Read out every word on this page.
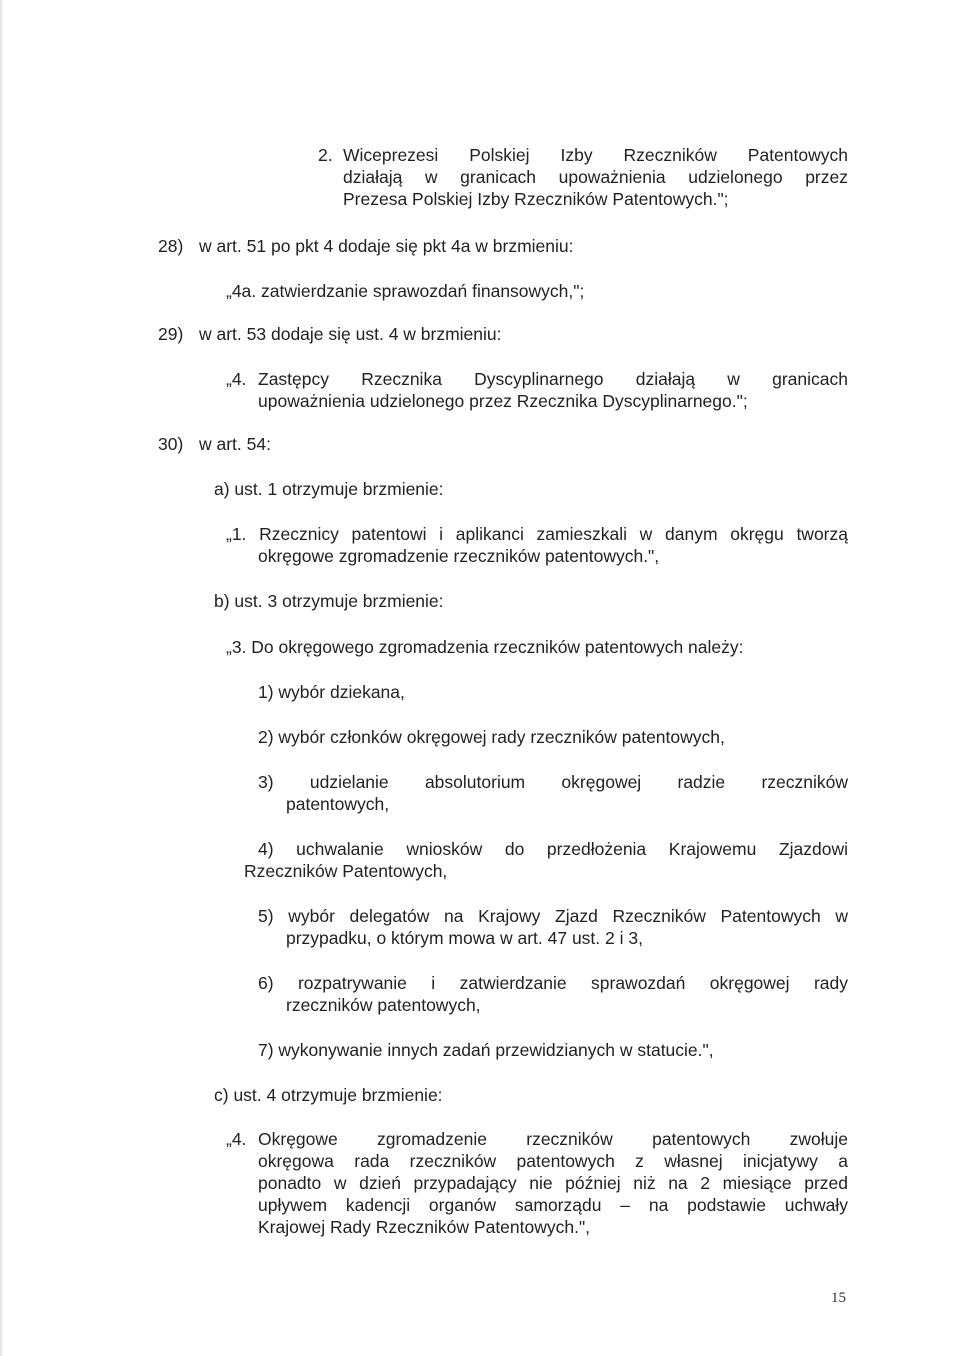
2. Wiceprezesi Polskiej Izby Rzeczników Patentowych
działają w granicach upoważnienia udzielonego przez
Prezesa Polskiej Izby Rzeczników Patentowych.";
28) w art. 51 po pkt 4 dodaje się pkt 4a w brzmieniu:
„4a. zatwierdzanie sprawozdań finansowych,";
29) w art. 53 dodaje się ust. 4 w brzmieniu:
„4. Zastępcy Rzecznika Dyscyplinarnego działają w granicach
upoważnienia udzielonego przez Rzecznika Dyscyplinarnego.";
30) w art. 54:
a) ust. 1 otrzymuje brzmienie:
„1. Rzecznicy patentowi i aplikanci zamieszkali w danym okręgu tworzą
okręgowe zgromadzenie rzeczników patentowych.",
b) ust. 3 otrzymuje brzmienie:
„3. Do okręgowego zgromadzenia rzeczników patentowych należy:
1) wybór dziekana,
2) wybór członków okręgowej rady rzeczników patentowych,
3) udzielanie absolutorium okręgowej radzie rzeczników
patentowych,
4) uchwalanie wniosków do przedłożenia Krajowemu Zjazdowi
Rzeczników Patentowych,
5) wybór delegatów na Krajowy Zjazd Rzeczników Patentowych w
przypadku, o którym mowa w art. 47 ust. 2 i 3,
6) rozpatrywanie i zatwierdzanie sprawozdań okręgowej rady
rzeczników patentowych,
7) wykonywanie innych zadań przewidzianych w statucie.",
c) ust. 4 otrzymuje brzmienie:
„4. Okręgowe zgromadzenie rzeczników patentowych zwołuje
okręgowa rada rzeczników patentowych z własnej inicjatywy a
ponadto w dzień przypadający nie później niż na 2 miesiące przed
upływem kadencji organów samorządu – na podstawie uchwały
Krajowej Rady Rzeczników Patentowych.",
15
